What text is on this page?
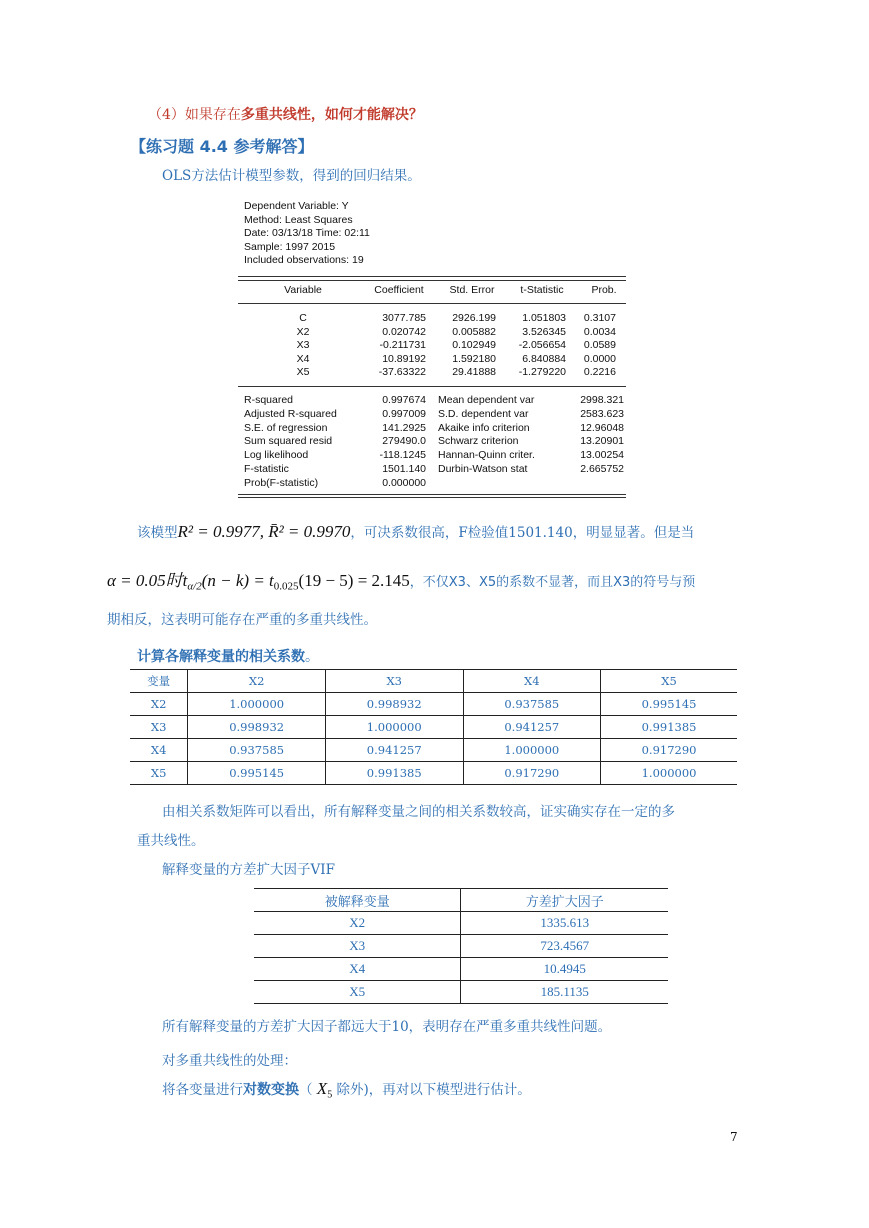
（4）如果存在多重共线性，如何才能解决？
【练习题 4.4 参考解答】
OLS方法估计模型参数，得到的回归结果。
Dependent Variable: Y
Method: Least Squares
Date: 03/13/18 Time: 02:11
Sample: 1997 2015
Included observations: 19
Variable	Coefficient	Std. Error	t-Statistic	Prob.
C	3077.785 2926.199 1.051803 0.3107
X2	0.020742 0.005882 3.526345 0.0034
X3	-0.211731 0.102949 -2.056654 0.0589
X4	10.89192 1.592180 6.840884 0.0000
X5	-37.63322 29.41888 -1.279220 0.2216
R-squared	0.997674 Mean dependent var	2998.321
Adjusted R-squared	0.997009 S.D. dependent var	2583.623
S.E. of regression	141.2925 Akaike info criterion	12.96048
Sum squared resid	279490.0 Schwarz criterion	13.20901
Log likelihood	-118.1245 Hannan-Quinn criter.	13.00254
F-statistic	1501.140 Durbin-Watson stat	2.665752
Prob(F-statistic)	0.000000
该模型R² = 0.9977, R̄² = 0.9970，可决系数很高，F检验值1501.140，明显显著。但是当
α = 0.05时$t_{\alpha/2}(n - k) = t_{0.025}(19 - 5) = 2.145$，不仅X3、X5的系数不显著，而且X3的符号与预
期相反，这表明可能存在严重的多重共线性。
计算各解释变量的相关系数。
变量	X2	X3	X4	X5
X2	1.000000	0.998932	0.937585	0.995145
X3	0.998932	1.000000	0.941257	0.991385
X4	0.937585	0.941257	1.000000	0.917290
X5	0.995145	0.991385	0.917290	1.000000
由相关系数矩阵可以看出，所有解释变量之间的相关系数较高，证实确实存在一定的多
重共线性。
解释变量的方差扩大因子VIF
被解释变量	方差扩大因子
X2	1335.613
X3	723.4567
X4	10.4945
X5	185.1135
所有解释变量的方差扩大因子都远大于10，表明存在严重多重共线性问题。
对多重共线性的处理：
将各变量进行对数变换（ $X_5$ 除外)，再对以下模型进行估计。
7
